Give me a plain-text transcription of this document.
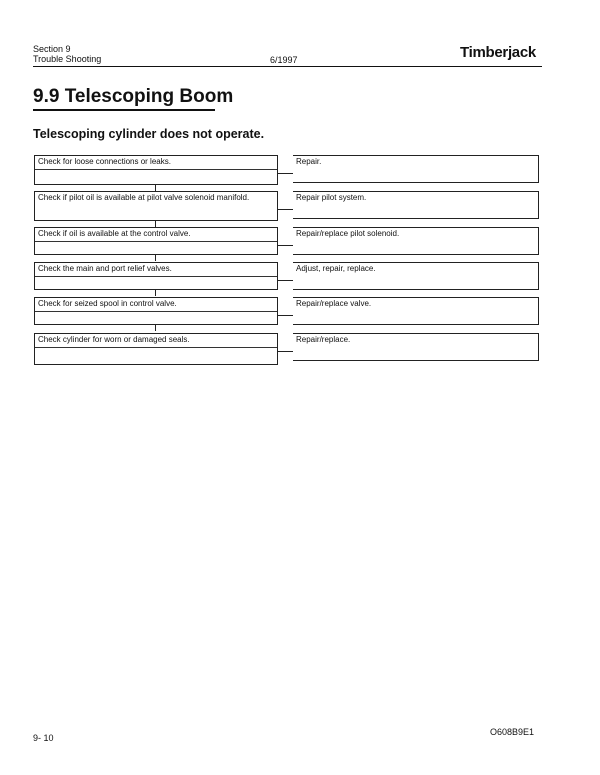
Section 9
Trouble Shooting	6/1997	Timberjack
9.9 Telescoping Boom
Telescoping cylinder does not operate.
Check for loose connections or leaks.	Repair.
Check if pilot oil is available at pilot valve solenoid manifold.	Repair pilot system.
Check if oil is available at the control valve.	Repair/replace pilot solenoid.
Check the main and port relief valves.	Adjust, repair, replace.
Check for seized spool in control valve.	Repair/replace valve.
Check cylinder for worn or damaged seals.	Repair/replace.
9- 10
O608B9E1
